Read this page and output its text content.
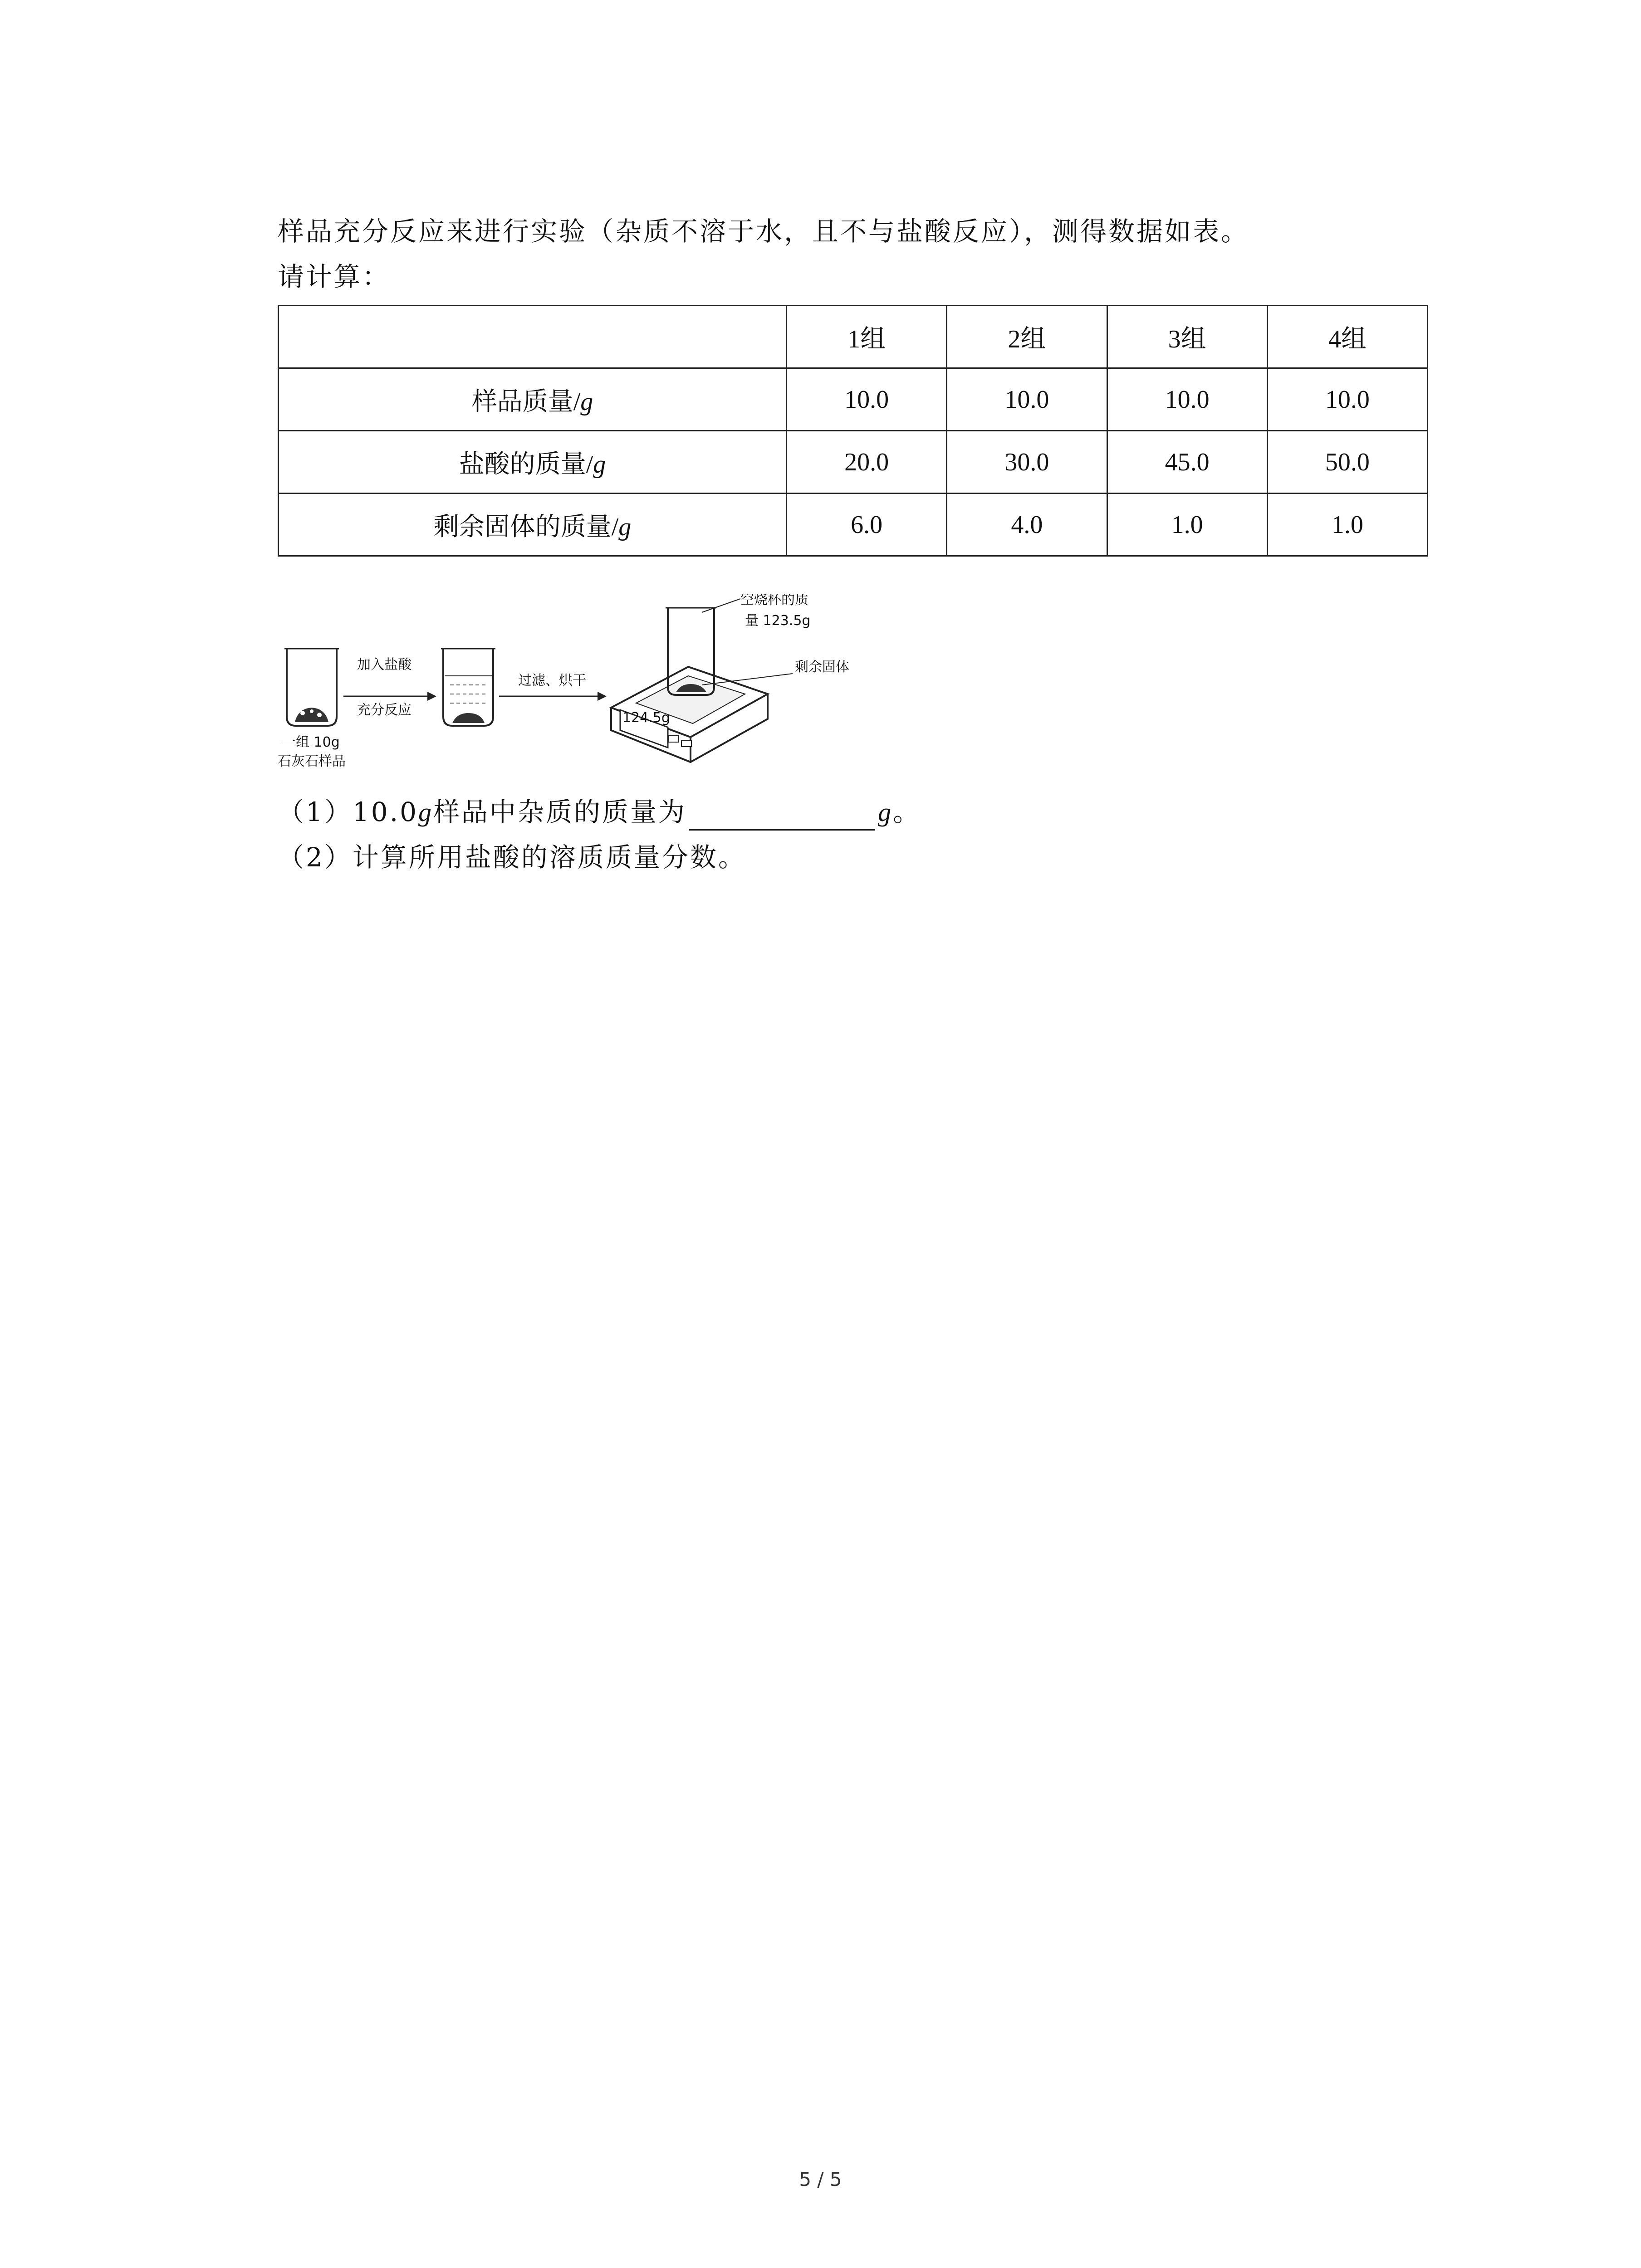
样品充分反应来进行实验（杂质不溶于水，且不与盐酸反应），测得数据如表。
请计算：
	1组	2组	3组	4组
样品质量/g	10.0	10.0	10.0	10.0
盐酸的质量/g	20.0	30.0	45.0	50.0
剩余固体的质量/g	6.0	4.0	1.0	1.0
一组 10g
石灰石样品
加入盐酸
充分反应
过滤、烘干
124.5g
空烧杯的质
量 123.5g
剩余固体
（1）10.0g样品中杂质的质量为	g。
（2）计算所用盐酸的溶质质量分数。
5 / 5
